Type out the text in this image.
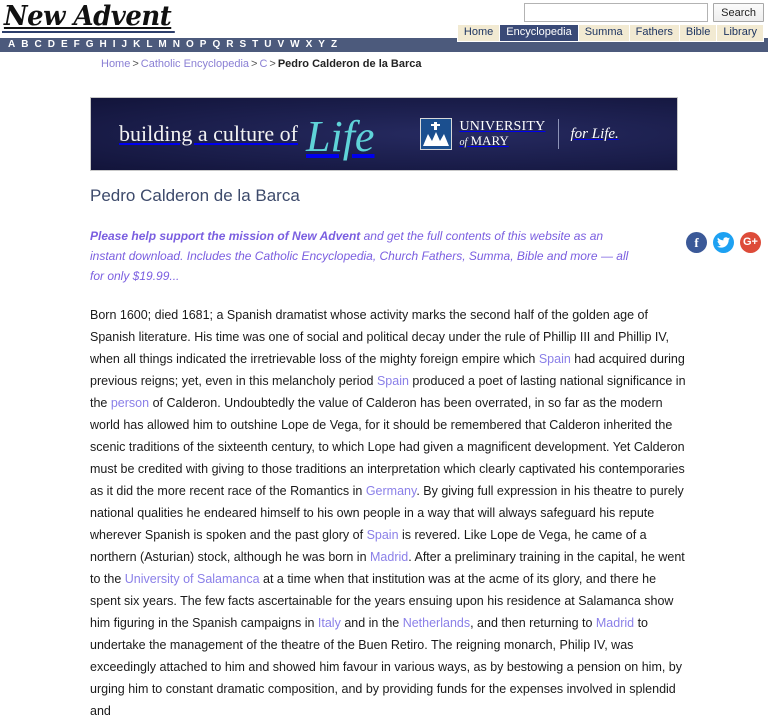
New Advent	Search
Home	Encyclopedia	Summa	Fathers	Bible	Library
A B C D E F G H I J K L M N O P Q R S T U V W X Y Z
Home > Catholic Encyclopedia > C > Pedro Calderon de la Barca
building a culture of Life	UNIVERSITY
of MARY	for Life.
f	G+
Pedro Calderon de la Barca
Please help support the mission of New Advent and get the full contents of this website as an instant download. Includes the Catholic Encyclopedia, Church Fathers, Summa, Bible and more — all for only $19.99...

Born 1600; died 1681; a Spanish dramatist whose activity marks the second half of the golden age of Spanish literature. His time was one of social and political decay under the rule of Phillip III and Phillip IV, when all things indicated the irretrievable loss of the mighty foreign empire which Spain had acquired during previous reigns; yet, even in this melancholy period Spain produced a poet of lasting national significance in the person of Calderon. Undoubtedly the value of Calderon has been overrated, in so far as the modern world has allowed him to outshine Lope de Vega, for it should be remembered that Calderon inherited the scenic traditions of the sixteenth century, to which Lope had given a magnificent development. Yet Calderon must be credited with giving to those traditions an interpretation which clearly captivated his contemporaries as it did the more recent race of the Romantics in Germany. By giving full expression in his theatre to purely national qualities he endeared himself to his own people in a way that will always safeguard his repute wherever Spanish is spoken and the past glory of Spain is revered. Like Lope de Vega, he came of a northern (Asturian) stock, although he was born in Madrid. After a preliminary training in the capital, he went to the University of Salamanca at a time when that institution was at the acme of its glory, and there he spent six years. The few facts ascertainable for the years ensuing upon his residence at Salamanca show him figuring in the Spanish campaigns in Italy and in the Netherlands, and then returning to Madrid to undertake the management of the theatre of the Buen Retiro. The reigning monarch, Philip IV, was exceedingly attached to him and showed him favour in various ways, as by bestowing a pension on him, by urging him to constant dramatic composition, and by providing funds for the expenses involved in splendid and
